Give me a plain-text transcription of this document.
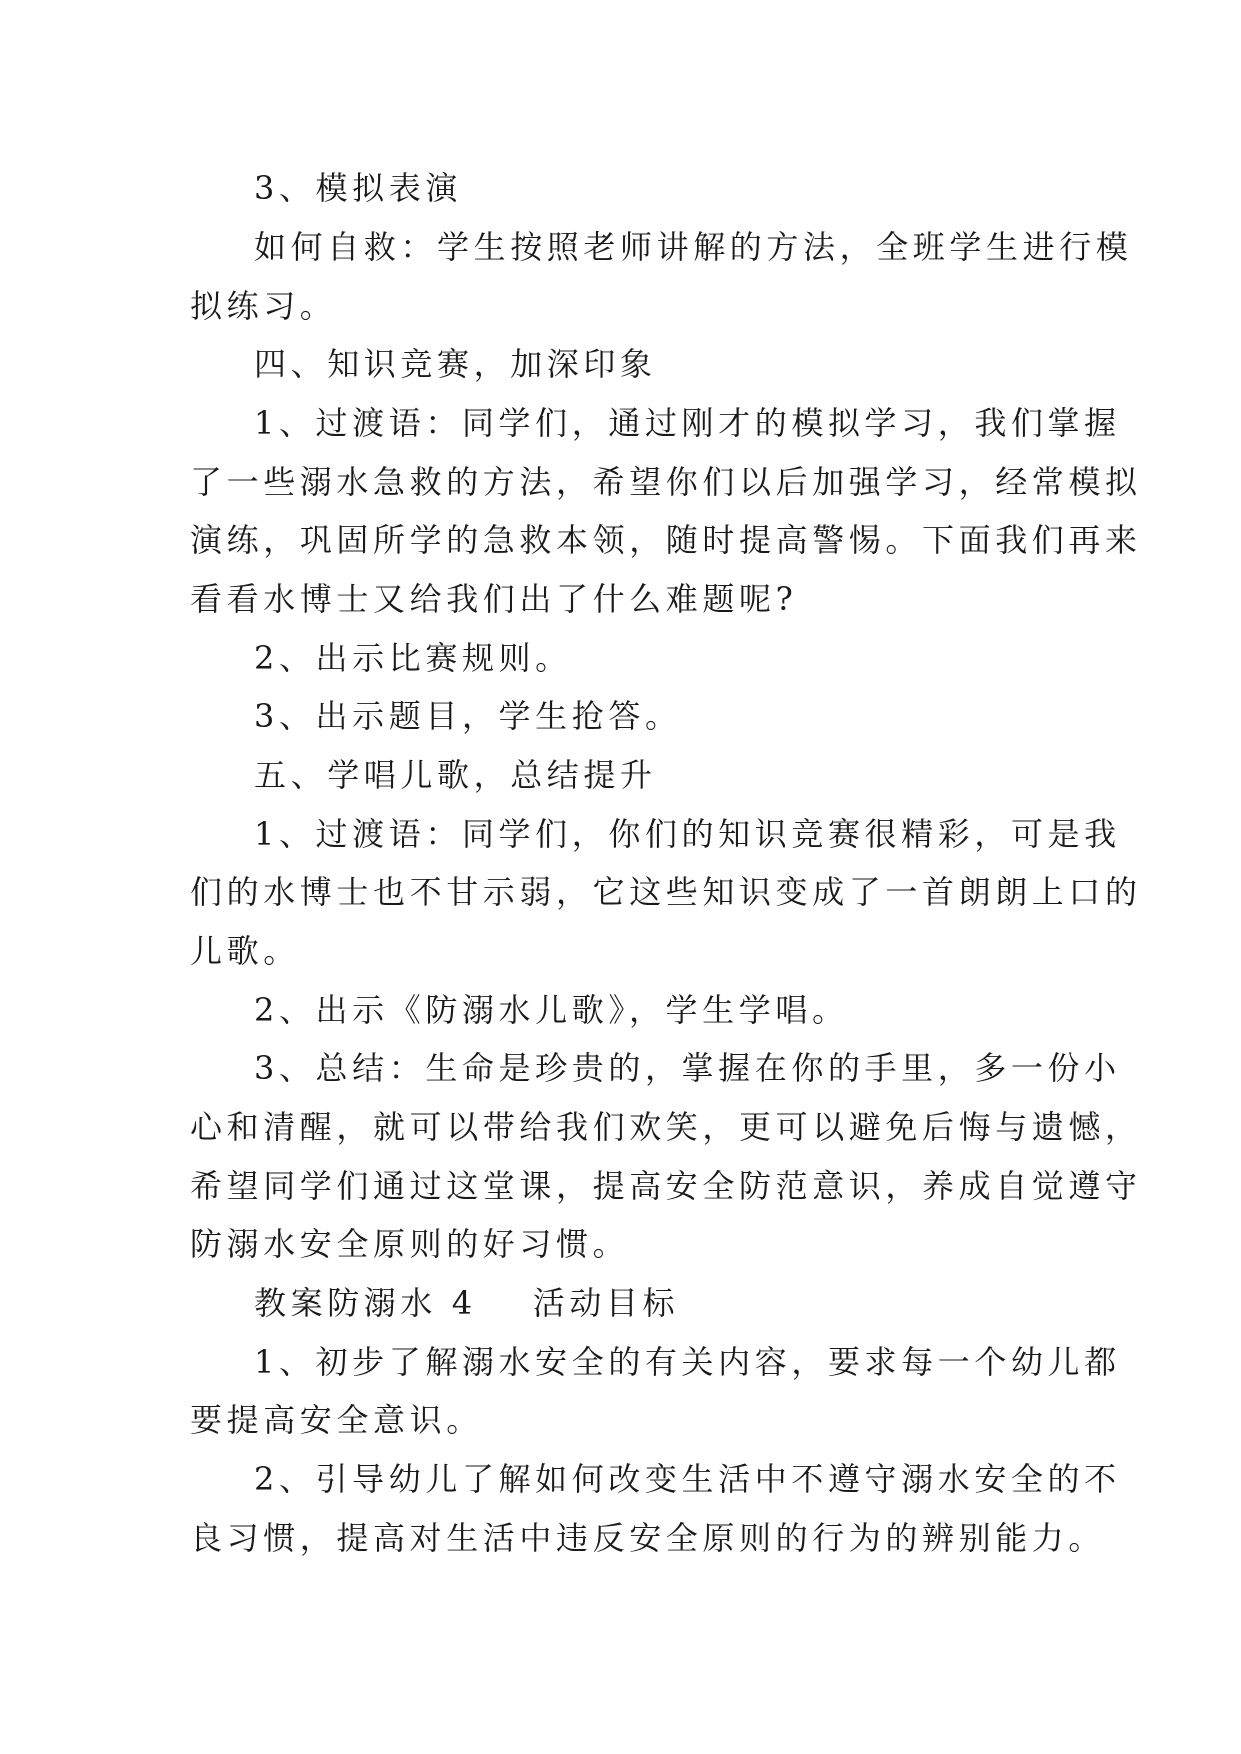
3、模拟表演
如何自救：学生按照老师讲解的方法，全班学生进行模
拟练习。
四、知识竞赛，加深印象
1、过渡语：同学们，通过刚才的模拟学习，我们掌握
了一些溺水急救的方法，希望你们以后加强学习，经常模拟
演练，巩固所学的急救本领，随时提高警惕。下面我们再来
看看水博士又给我们出了什么难题呢?
2、出示比赛规则。
3、出示题目，学生抢答。
五、学唱儿歌，总结提升
1、过渡语：同学们，你们的知识竞赛很精彩，可是我
们的水博士也不甘示弱，它这些知识变成了一首朗朗上口的
儿歌。
2、出示《防溺水儿歌》，学生学唱。
3、总结：生命是珍贵的，掌握在你的手里，多一份小
心和清醒，就可以带给我们欢笑，更可以避免后悔与遗憾，
希望同学们通过这堂课，提高安全防范意识，养成自觉遵守
防溺水安全原则的好习惯。
教案防溺水 4 活动目标
1、初步了解溺水安全的有关内容，要求每一个幼儿都
要提高安全意识。
2、引导幼儿了解如何改变生活中不遵守溺水安全的不
良习惯，提高对生活中违反安全原则的行为的辨别能力。
